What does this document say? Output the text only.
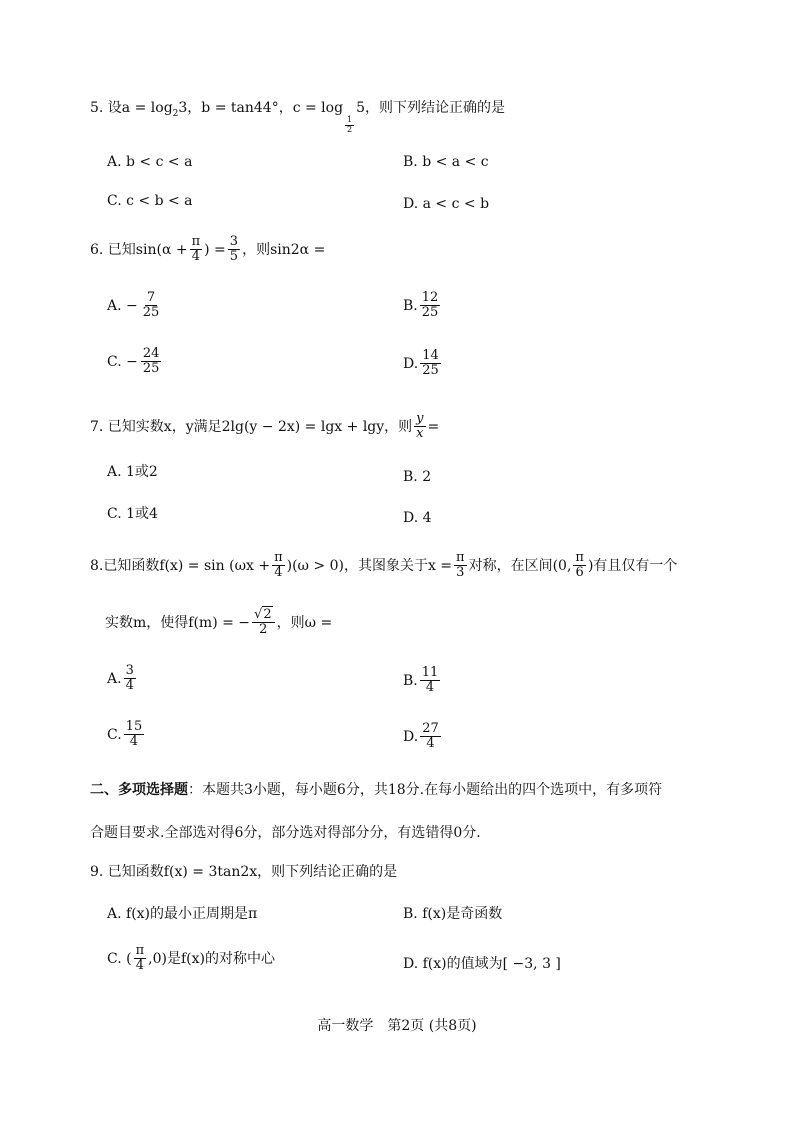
5. 设$a = \log_23$，b = tan44°，c = log
$\frac{1}{2}$
5，则下列结论正确的是
A. b < c < a	B. b < a < c
C. c < b < a	D. a < c < b
6. 已知$\sin(\alpha + \frac{\pi}{4}$ ) = $\frac{3}{5}$ ，则sin2α =
A. − $\frac{7}{25}$	B. $\frac{12}{25}$
C. − $\frac{24}{25}$	D. $\frac{14}{25}$
7. 已知实数x，y满足2lg(y − 2x) = lgx + lgy，则 $\frac{y}{x}$ =
A. 1或2	B. 2
C. 1或4	D. 4
8.已知函数$f(x) = \sin (\omega x + \frac{\pi}{4} )(\omega > 0)$，其图象关于$x = \frac{\pi}{3}$ 对称，在区间(0, $\frac{\pi}{6}$ )有且仅有一个
实数m，使得f(m) = − $\frac{√2}{2}$ ，则ω =
A. $\frac{3}{4}$	B. $\frac{11}{4}$
C. $\frac{15}{4}$	D. $\frac{27}{4}$
二、多项选择题：本题共3小题，每小题6分，共18分.在每小题给出的四个选项中，有多项符
合题目要求.全部选对得6分，部分选对得部分分，有选错得0分.
9. 已知函数f(x) = 3tan2x，则下列结论正确的是
A. f(x)的最小正周期是π	B. f(x)是奇函数
C. ( $\frac{\pi}{4} ,0$)是f(x)的对称中心	D. f(x)的值域为[ −3, 3 ]
高一数学　第2页 (共8页)
